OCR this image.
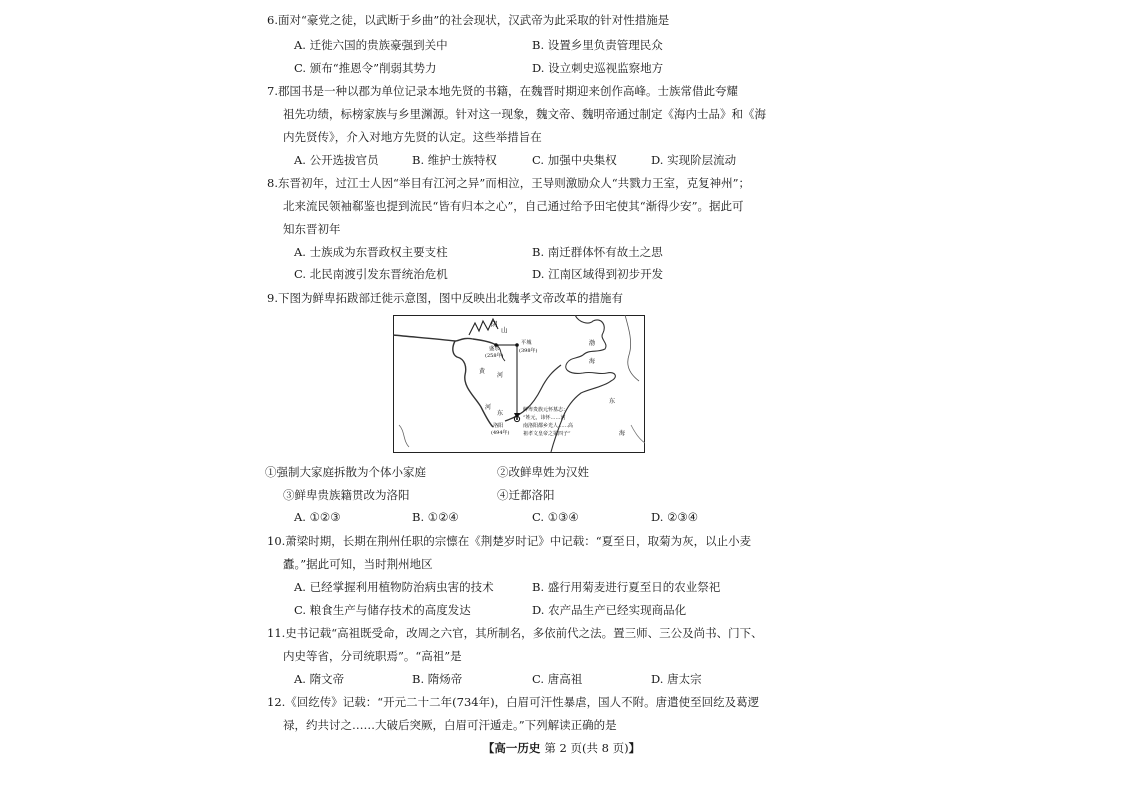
6.面对“豪党之徒，以武断于乡曲”的社会现状，汉武帝为此采取的针对性措施是
A. 迁徙六国的贵族豪强到关中	B. 设置乡里负责管理民众
C. 颁布“推恩令”削弱其势力	D. 设立刺史巡视监察地方
7.郡国书是一种以郡为单位记录本地先贤的书籍，在魏晋时期迎来创作高峰。士族常借此夸耀
祖先功绩，标榜家族与乡里渊源。针对这一现象，魏文帝、魏明帝通过制定《海内士品》和《海
内先贤传》，介入对地方先贤的认定。这些举措旨在
A. 公开选拔官员	B. 维护士族特权	C. 加强中央集权	D. 实现阶层流动
8.东晋初年，过江士人因“举目有江河之异”而相泣，王导则激励众人“共戮力王室，克复神州”；
北来流民领袖郗鉴也提到流民“皆有归本之心”，自己通过给予田宅使其“渐得少安”。据此可
知东晋初年
A. 士族成为东晋政权主要支柱	B. 南迁群体怀有故土之思
C. 北民南渡引发东晋统治危机	D. 江南区域得到初步开发
9.下图为鲜卑拓跋部迁徙示意图，图中反映出北魏孝文帝改革的措施有
阴
山
盛乐
(258年)
平城
(398年)
黄
河
河
东
洛阳
(494年)
渤
海
东
海
鲜卑贵族元怀墓志：
“姓元，讳怀……河
南洛阳都乡光人……高
祖孝文皇帝之第四子”
①强制大家庭拆散为个体小家庭	②改鲜卑姓为汉姓
③鲜卑贵族籍贯改为洛阳	④迁都洛阳
A. ①②③	B. ①②④	C. ①③④	D. ②③④
10.萧梁时期，长期在荆州任职的宗懔在《荆楚岁时记》中记载：“夏至日，取菊为灰，以止小麦
蠹。”据此可知，当时荆州地区
A. 已经掌握利用植物防治病虫害的技术	B. 盛行用菊麦进行夏至日的农业祭祀
C. 粮食生产与储存技术的高度发达	D. 农产品生产已经实现商品化
11.史书记载“高祖既受命，改周之六官，其所制名，多依前代之法。置三师、三公及尚书、门下、
内史等省，分司统职焉”。“高祖”是
A. 隋文帝	B. 隋炀帝	C. 唐高祖	D. 唐太宗
12.《回纥传》记载：“开元二十二年(734年)，白眉可汗性暴虐，国人不附。唐遣使至回纥及葛逻
禄，约共讨之……大破后突厥，白眉可汗遁走。”下列解读正确的是
【高一历史 第 2 页(共 8 页)】
